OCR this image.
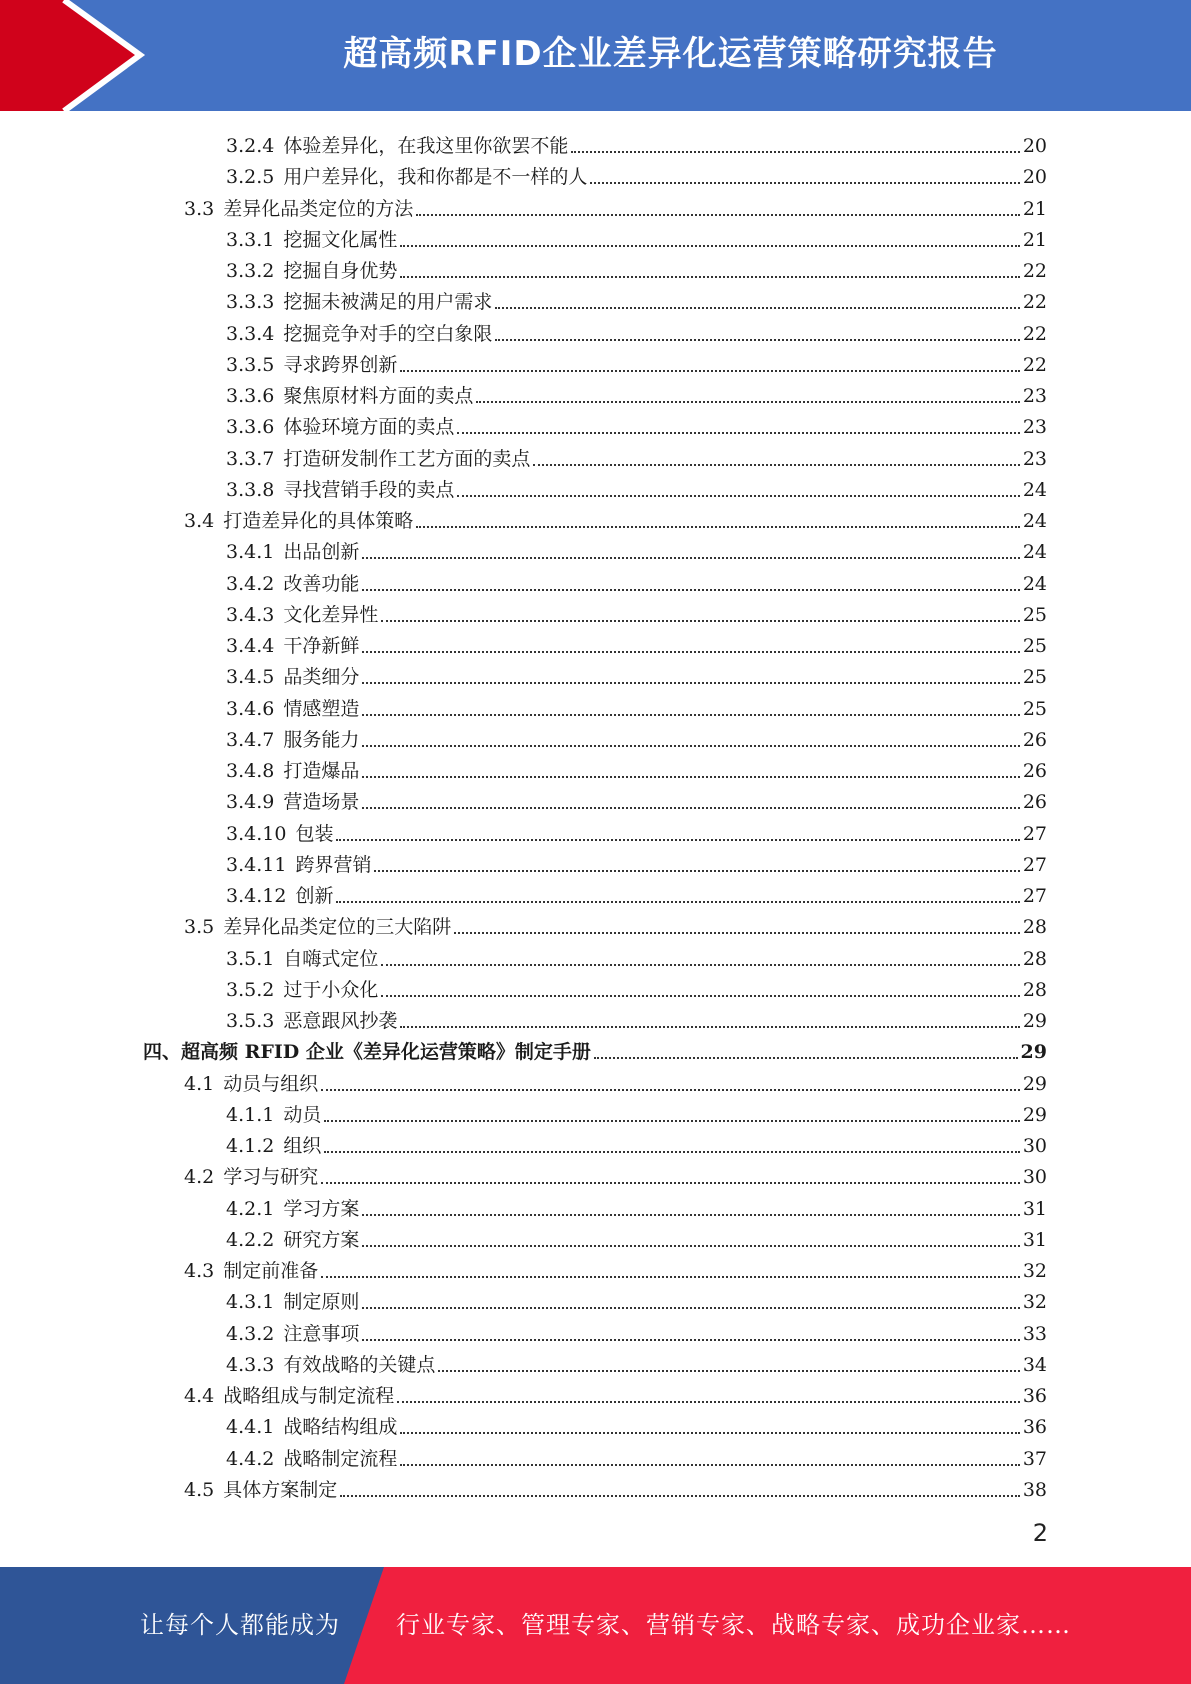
超高频RFID企业差异化运营策略研究报告
3.2.4 体验差异化，在我这里你欲罢不能	20
3.2.5 用户差异化，我和你都是不一样的人	20
3.3 差异化品类定位的方法	21
3.3.1 挖掘文化属性	21
3.3.2 挖掘自身优势	22
3.3.3 挖掘未被满足的用户需求	22
3.3.4 挖掘竞争对手的空白象限	22
3.3.5 寻求跨界创新	22
3.3.6 聚焦原材料方面的卖点	23
3.3.6 体验环境方面的卖点	23
3.3.7 打造研发制作工艺方面的卖点	23
3.3.8 寻找营销手段的卖点	24
3.4 打造差异化的具体策略	24
3.4.1 出品创新	24
3.4.2 改善功能	24
3.4.3 文化差异性	25
3.4.4 干净新鲜	25
3.4.5 品类细分	25
3.4.6 情感塑造	25
3.4.7 服务能力	26
3.4.8 打造爆品	26
3.4.9 营造场景	26
3.4.10 包装	27
3.4.11 跨界营销	27
3.4.12 创新	27
3.5 差异化品类定位的三大陷阱	28
3.5.1 自嗨式定位	28
3.5.2 过于小众化	28
3.5.3 恶意跟风抄袭	29
四、超高频 RFID 企业《差异化运营策略》制定手册	29
4.1 动员与组织	29
4.1.1 动员	29
4.1.2 组织	30
4.2 学习与研究	30
4.2.1 学习方案	31
4.2.2 研究方案	31
4.3 制定前准备	32
4.3.1 制定原则	32
4.3.2 注意事项	33
4.3.3 有效战略的关键点	34
4.4 战略组成与制定流程	36
4.4.1 战略结构组成	36
4.4.2 战略制定流程	37
4.5 具体方案制定	38
2
让每个人都能成为 行业专家、管理专家、营销专家、战略专家、成功企业家……
